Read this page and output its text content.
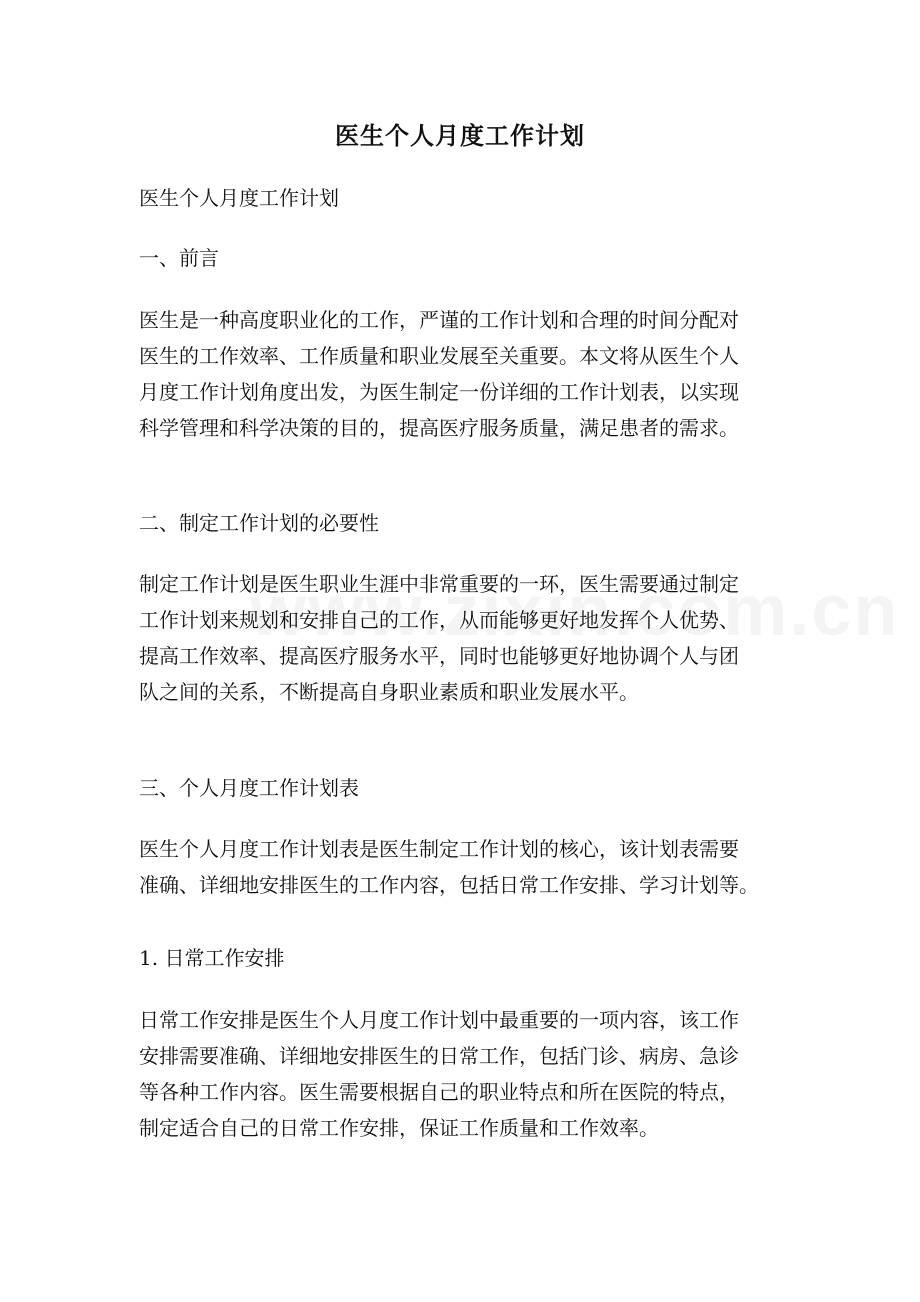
医生个人月度工作计划
医生个人月度工作计划
一、前言
医生是一种高度职业化的工作，严谨的工作计划和合理的时间分配对
医生的工作效率、工作质量和职业发展至关重要。本文将从医生个人
月度工作计划角度出发，为医生制定一份详细的工作计划表，以实现
科学管理和科学决策的目的，提高医疗服务质量，满足患者的需求。
二、制定工作计划的必要性
制定工作计划是医生职业生涯中非常重要的一环，医生需要通过制定
工作计划来规划和安排自己的工作，从而能够更好地发挥个人优势、
提高工作效率、提高医疗服务水平，同时也能够更好地协调个人与团
队之间的关系，不断提高自身职业素质和职业发展水平。
三、个人月度工作计划表
医生个人月度工作计划表是医生制定工作计划的核心，该计划表需要
准确、详细地安排医生的工作内容，包括日常工作安排、学习计划等。
1. 日常工作安排
日常工作安排是医生个人月度工作计划中最重要的一项内容，该工作
安排需要准确、详细地安排医生的日常工作，包括门诊、病房、急诊
等各种工作内容。医生需要根据自己的职业特点和所在医院的特点，
制定适合自己的日常工作安排，保证工作质量和工作效率。
